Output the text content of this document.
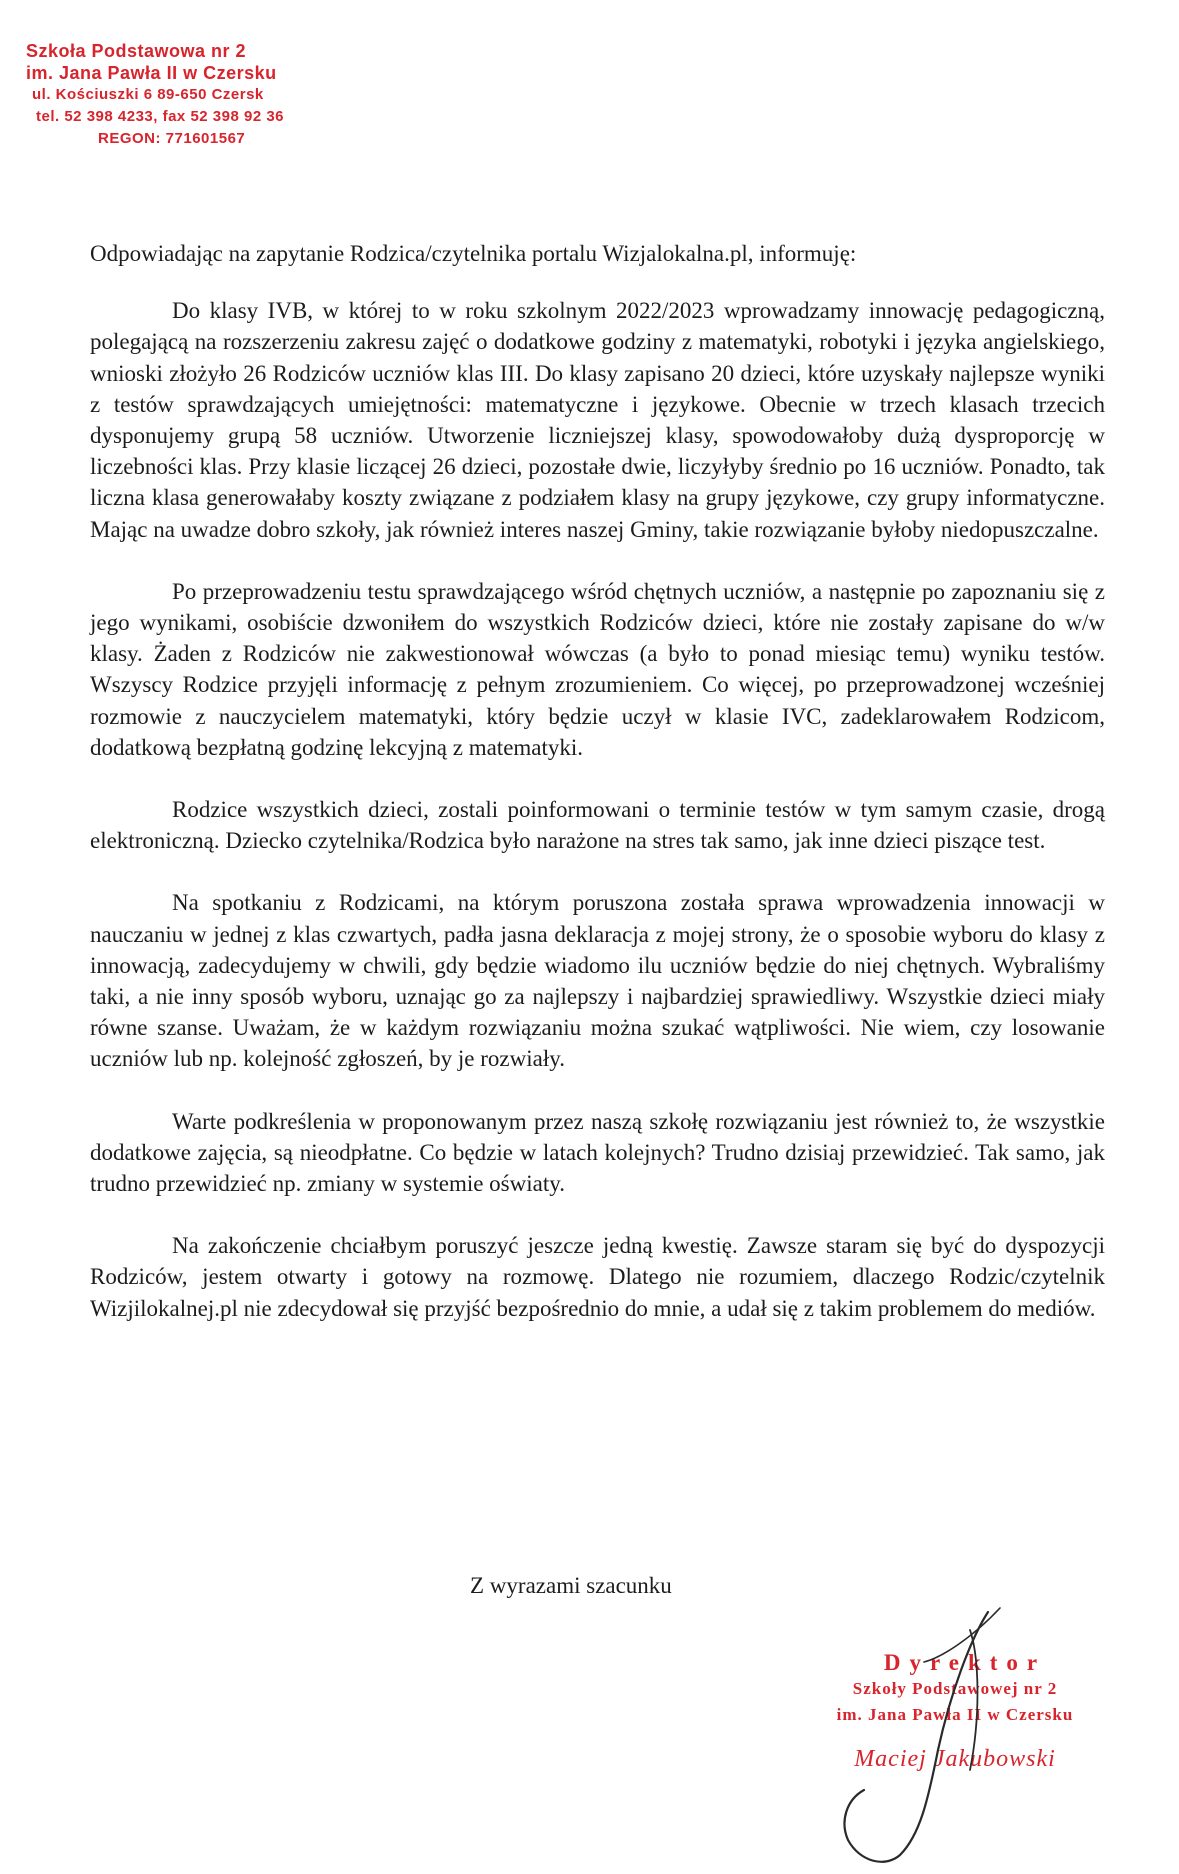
Szkoła Podstawowa nr 2
im. Jana Pawła II w Czersku
ul. Kościuszki 6 89-650 Czersk
tel. 52 398 4233, fax 52 398 92 36
REGON: 771601567

Odpowiadając na zapytanie Rodzica/czytelnika portalu Wizjalokalna.pl, informuję:

Do klasy IVB, w której to w roku szkolnym 2022/2023 wprowadzamy innowację pedagogiczną, polegającą na rozszerzeniu zakresu zajęć o dodatkowe godziny z matematyki, robotyki i języka angielskiego, wnioski złożyło 26 Rodziców uczniów klas III. Do klasy zapisano 20 dzieci, które uzyskały najlepsze wyniki z testów sprawdzających umiejętności: matematyczne i językowe. Obecnie w trzech klasach trzecich dysponujemy grupą 58 uczniów. Utworzenie liczniejszej klasy, spowodowałoby dużą dysproporcję w liczebności klas. Przy klasie liczącej 26 dzieci, pozostałe dwie, liczyłyby średnio po 16 uczniów. Ponadto, tak liczna klasa generowałaby koszty związane z podziałem klasy na grupy językowe, czy grupy informatyczne. Mając na uwadze dobro szkoły, jak również interes naszej Gminy, takie rozwiązanie byłoby niedopuszczalne.

Po przeprowadzeniu testu sprawdzającego wśród chętnych uczniów, a następnie po zapoznaniu się z jego wynikami, osobiście dzwoniłem do wszystkich Rodziców dzieci, które nie zostały zapisane do w/w klasy. Żaden z Rodziców nie zakwestionował wówczas (a było to ponad miesiąc temu) wyniku testów. Wszyscy Rodzice przyjęli informację z pełnym zrozumieniem. Co więcej, po przeprowadzonej wcześniej rozmowie z nauczycielem matematyki, który będzie uczył w klasie IVC, zadeklarowałem Rodzicom, dodatkową bezpłatną godzinę lekcyjną z matematyki.

Rodzice wszystkich dzieci, zostali poinformowani o terminie testów w tym samym czasie, drogą elektroniczną. Dziecko czytelnika/Rodzica było narażone na stres tak samo, jak inne dzieci piszące test.

Na spotkaniu z Rodzicami, na którym poruszona została sprawa wprowadzenia innowacji w nauczaniu w jednej z klas czwartych, padła jasna deklaracja z mojej strony, że o sposobie wyboru do klasy z innowacją, zadecydujemy w chwili, gdy będzie wiadomo ilu uczniów będzie do niej chętnych. Wybraliśmy taki, a nie inny sposób wyboru, uznając go za najlepszy i najbardziej sprawiedliwy. Wszystkie dzieci miały równe szanse. Uważam, że w każdym rozwiązaniu można szukać wątpliwości. Nie wiem, czy losowanie uczniów lub np. kolejność zgłoszeń, by je rozwiały.

Warte podkreślenia w proponowanym przez naszą szkołę rozwiązaniu jest również to, że wszystkie dodatkowe zajęcia, są nieodpłatne. Co będzie w latach kolejnych? Trudno dzisiaj przewidzieć. Tak samo, jak trudno przewidzieć np. zmiany w systemie oświaty.

Na zakończenie chciałbym poruszyć jeszcze jedną kwestię. Zawsze staram się być do dyspozycji Rodziców, jestem otwarty i gotowy na rozmowę. Dlatego nie rozumiem, dlaczego Rodzic/czytelnik Wizjilokalnej.pl nie zdecydował się przyjść bezpośrednio do mnie, a udał się z takim problemem do mediów.

Z wyrazami szacunku
Dyrektor
Szkoły Podstawowej nr 2
im. Jana Pawła II w Czersku
Maciej Jakubowski
